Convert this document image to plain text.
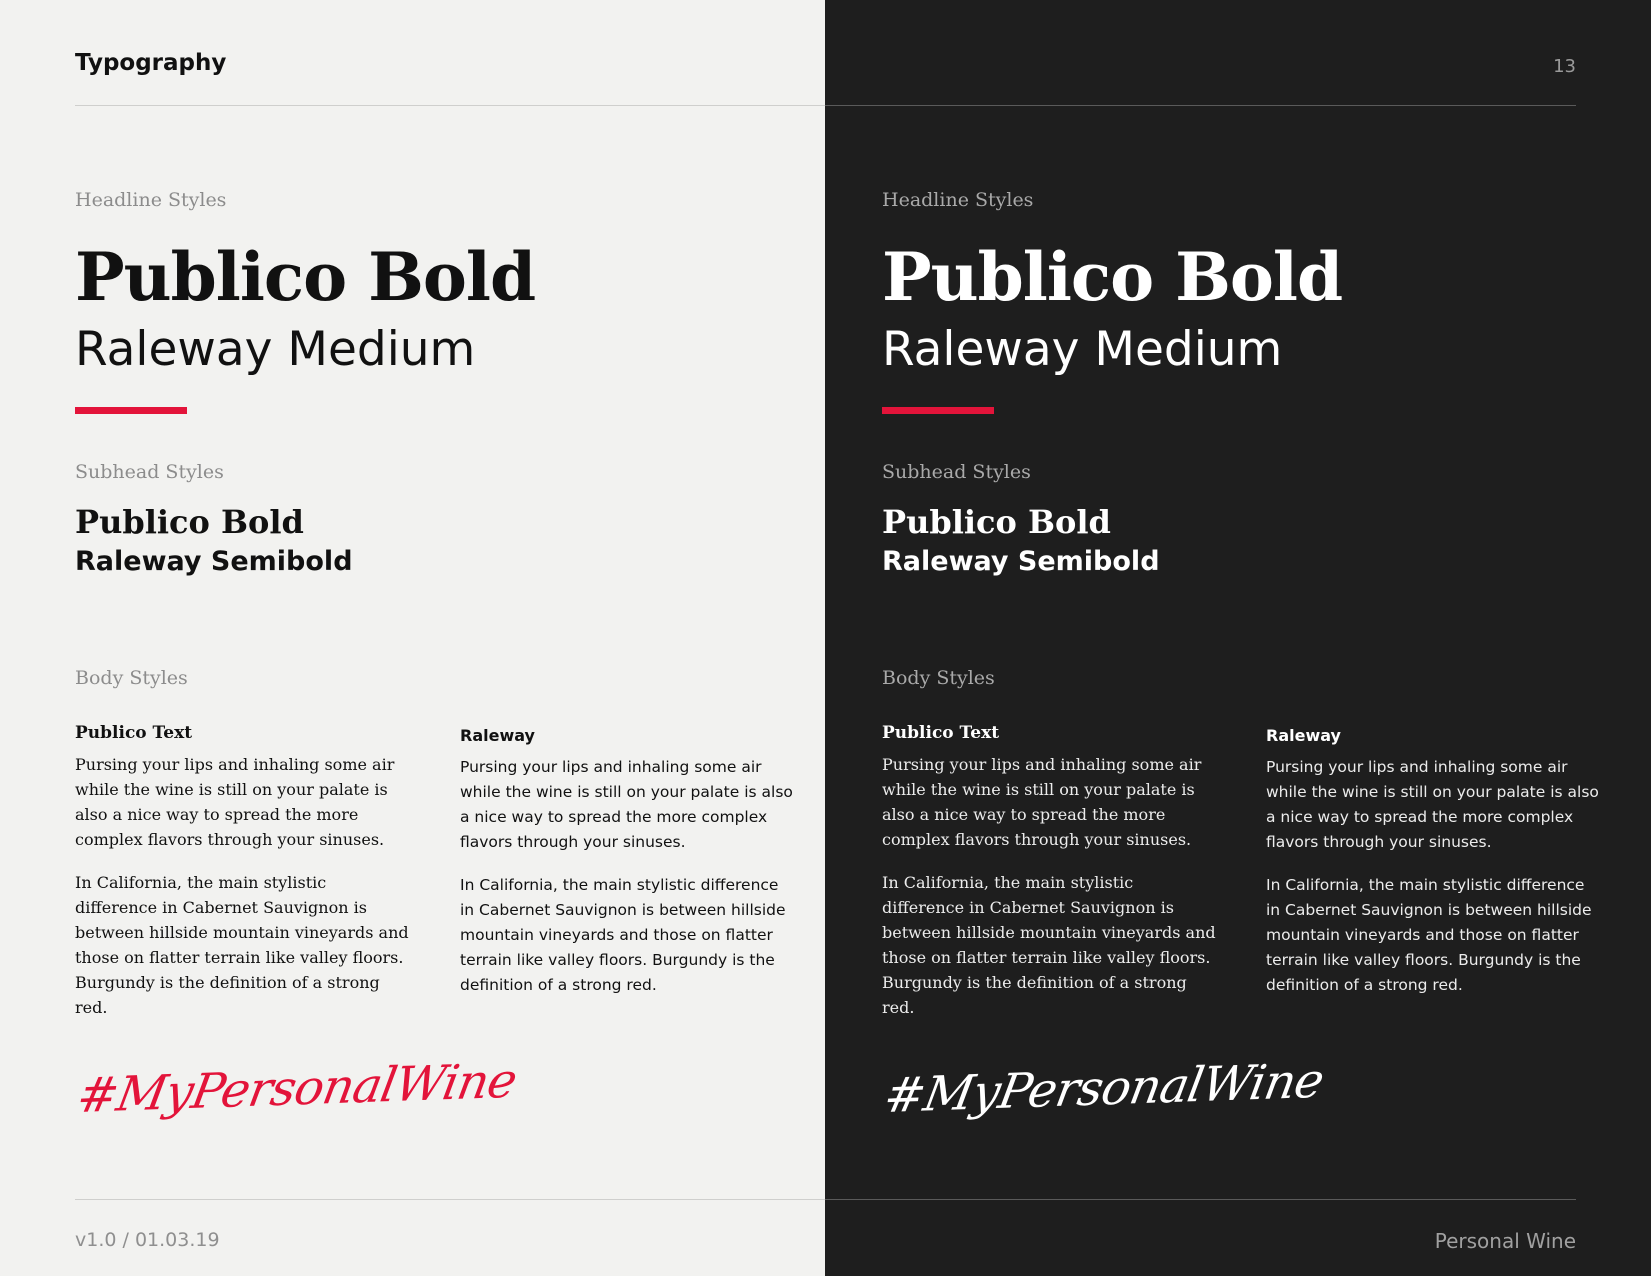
Typography
Headline Styles
Publico Bold
Raleway Medium
Subhead Styles
Publico Bold
Raleway Semibold
Body Styles
Publico Text

Pursing your lips and inhaling some air while the wine is still on your palate is also a nice way to spread the more complex flavors through your sinuses.

In California, the main stylistic difference in Cabernet Sauvignon is between hillside mountain vineyards and those on flatter terrain like valley floors. Burgundy is the definition of a strong red.

Raleway

Pursing your lips and inhaling some air while the wine is still on your palate is also a nice way to spread the more complex flavors through your sinuses.

In California, the main stylistic difference in Cabernet Sauvignon is between hillside mountain vineyards and those on flatter terrain like valley floors. Burgundy is the definition of a strong red.

#MyPersonalWine
v1.0 / 01.03.19
13
Headline Styles
Publico Bold
Raleway Medium
Subhead Styles
Publico Bold
Raleway Semibold
Body Styles
Publico Text

Pursing your lips and inhaling some air while the wine is still on your palate is also a nice way to spread the more complex flavors through your sinuses.

In California, the main stylistic difference in Cabernet Sauvignon is between hillside mountain vineyards and those on flatter terrain like valley floors. Burgundy is the definition of a strong red.

Raleway

Pursing your lips and inhaling some air while the wine is still on your palate is also a nice way to spread the more complex flavors through your sinuses.

In California, the main stylistic difference in Cabernet Sauvignon is between hillside mountain vineyards and those on flatter terrain like valley floors. Burgundy is the definition of a strong red.

#MyPersonalWine
Personal Wine
